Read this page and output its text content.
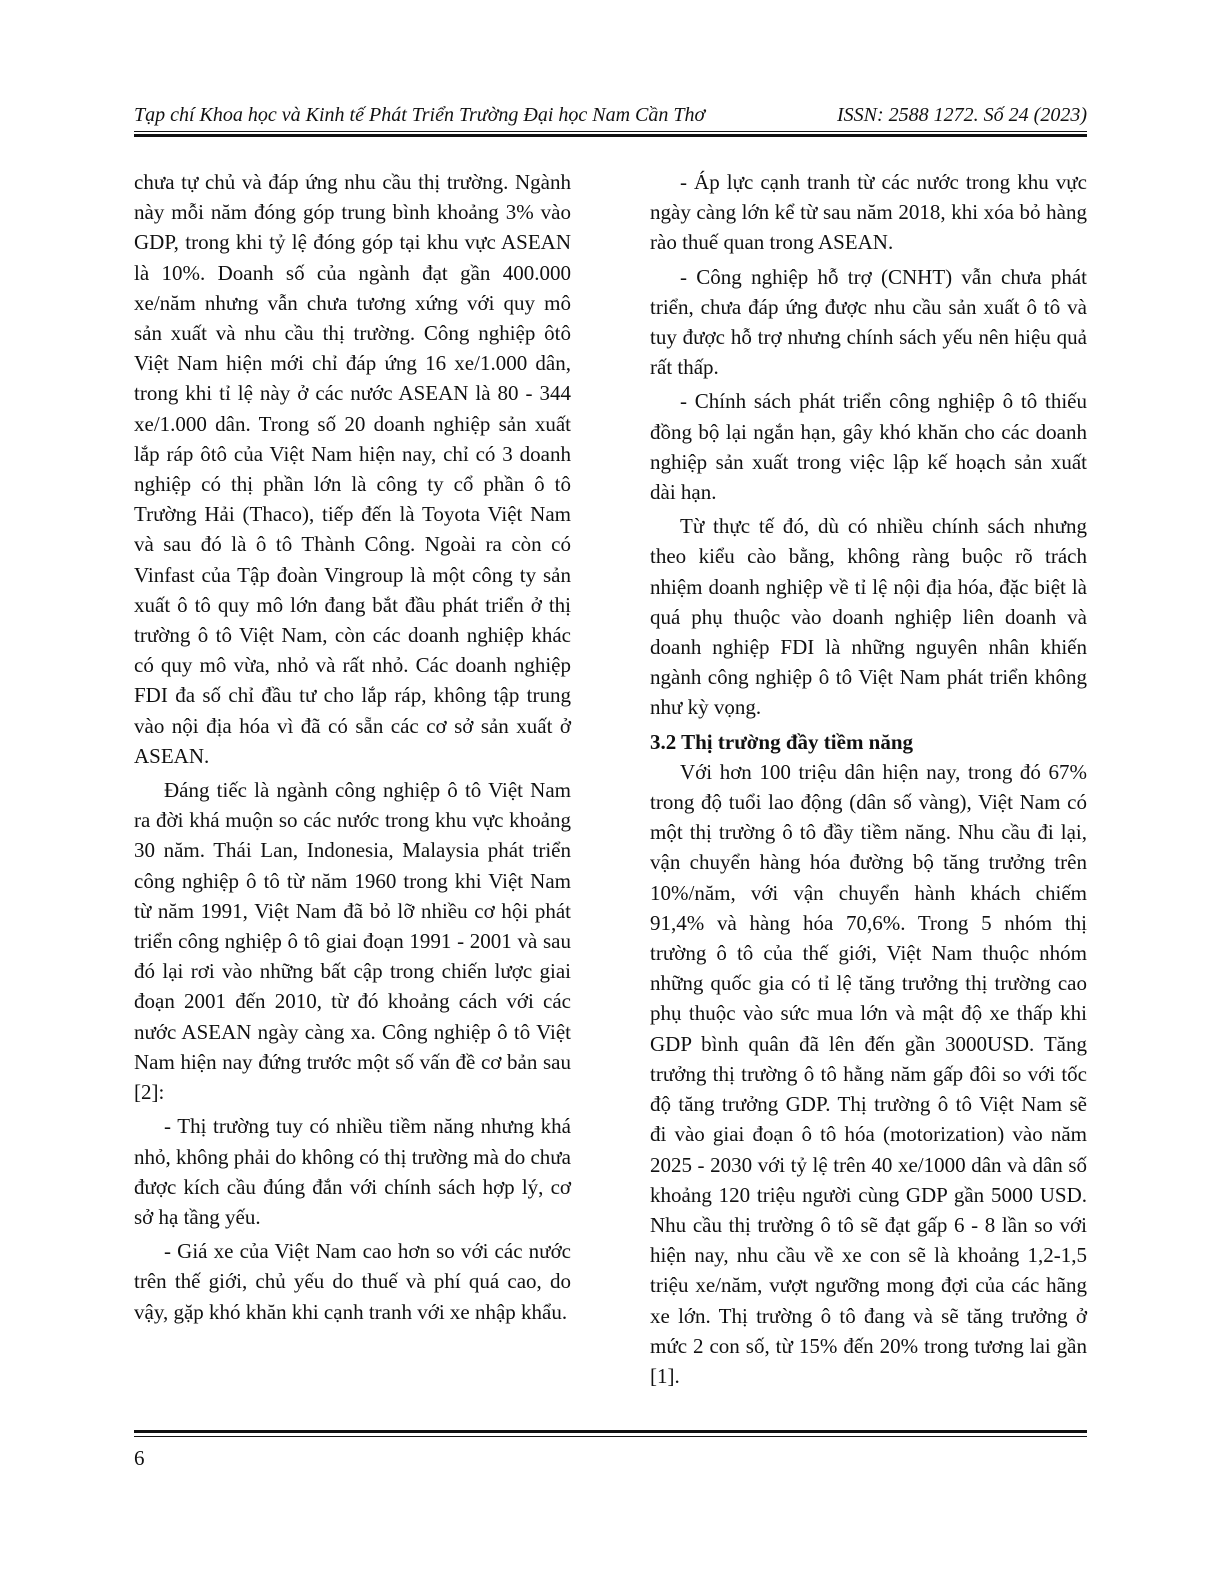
Tạp chí Khoa học và Kinh tế Phát Triển Trường Đại học Nam Cần Thơ	ISSN: 2588 1272. Số 24 (2023)

chưa tự chủ và đáp ứng nhu cầu thị trường. Ngành này mỗi năm đóng góp trung bình khoảng 3% vào GDP, trong khi tỷ lệ đóng góp tại khu vực ASEAN là 10%. Doanh số của ngành đạt gần 400.000 xe/năm nhưng vẫn chưa tương xứng với quy mô sản xuất và nhu cầu thị trường. Công nghiệp ôtô Việt Nam hiện mới chỉ đáp ứng 16 xe/1.000 dân, trong khi tỉ lệ này ở các nước ASEAN là 80 - 344 xe/1.000 dân. Trong số 20 doanh nghiệp sản xuất lắp ráp ôtô của Việt Nam hiện nay, chỉ có 3 doanh nghiệp có thị phần lớn là công ty cổ phần ô tô Trường Hải (Thaco), tiếp đến là Toyota Việt Nam và sau đó là ô tô Thành Công. Ngoài ra còn có Vinfast của Tập đoàn Vingroup là một công ty sản xuất ô tô quy mô lớn đang bắt đầu phát triển ở thị trường ô tô Việt Nam, còn các doanh nghiệp khác có quy mô vừa, nhỏ và rất nhỏ. Các doanh nghiệp FDI đa số chỉ đầu tư cho lắp ráp, không tập trung vào nội địa hóa vì đã có sẵn các cơ sở sản xuất ở ASEAN.

Đáng tiếc là ngành công nghiệp ô tô Việt Nam ra đời khá muộn so các nước trong khu vực khoảng 30 năm. Thái Lan, Indonesia, Malaysia phát triển công nghiệp ô tô từ năm 1960 trong khi Việt Nam từ năm 1991, Việt Nam đã bỏ lỡ nhiều cơ hội phát triển công nghiệp ô tô giai đoạn 1991 - 2001 và sau đó lại rơi vào những bất cập trong chiến lược giai đoạn 2001 đến 2010, từ đó khoảng cách với các nước ASEAN ngày càng xa. Công nghiệp ô tô Việt Nam hiện nay đứng trước một số vấn đề cơ bản sau [2]:

- Thị trường tuy có nhiều tiềm năng nhưng khá nhỏ, không phải do không có thị trường mà do chưa được kích cầu đúng đắn với chính sách hợp lý, cơ sở hạ tầng yếu.

- Giá xe của Việt Nam cao hơn so với các nước trên thế giới, chủ yếu do thuế và phí quá cao, do vậy, gặp khó khăn khi cạnh tranh với xe nhập khẩu.

- Áp lực cạnh tranh từ các nước trong khu vực ngày càng lớn kể từ sau năm 2018, khi xóa bỏ hàng rào thuế quan trong ASEAN.

- Công nghiệp hỗ trợ (CNHT) vẫn chưa phát triển, chưa đáp ứng được nhu cầu sản xuất ô tô và tuy được hỗ trợ nhưng chính sách yếu nên hiệu quả rất thấp.

- Chính sách phát triển công nghiệp ô tô thiếu đồng bộ lại ngắn hạn, gây khó khăn cho các doanh nghiệp sản xuất trong việc lập kế hoạch sản xuất dài hạn.

Từ thực tế đó, dù có nhiều chính sách nhưng theo kiểu cào bằng, không ràng buộc rõ trách nhiệm doanh nghiệp về tỉ lệ nội địa hóa, đặc biệt là quá phụ thuộc vào doanh nghiệp liên doanh và doanh nghiệp FDI là những nguyên nhân khiến ngành công nghiệp ô tô Việt Nam phát triển không như kỳ vọng.

3.2 Thị trường đầy tiềm năng

Với hơn 100 triệu dân hiện nay, trong đó 67% trong độ tuổi lao động (dân số vàng), Việt Nam có một thị trường ô tô đầy tiềm năng. Nhu cầu đi lại, vận chuyển hàng hóa đường bộ tăng trưởng trên 10%/năm, với vận chuyển hành khách chiếm 91,4% và hàng hóa 70,6%. Trong 5 nhóm thị trường ô tô của thế giới, Việt Nam thuộc nhóm những quốc gia có tỉ lệ tăng trưởng thị trường cao phụ thuộc vào sức mua lớn và mật độ xe thấp khi GDP bình quân đã lên đến gần 3000USD. Tăng trưởng thị trường ô tô hằng năm gấp đôi so với tốc độ tăng trưởng GDP. Thị trường ô tô Việt Nam sẽ đi vào giai đoạn ô tô hóa (motorization) vào năm 2025 - 2030 với tỷ lệ trên 40 xe/1000 dân và dân số khoảng 120 triệu người cùng GDP gần 5000 USD. Nhu cầu thị trường ô tô sẽ đạt gấp 6 - 8 lần so với hiện nay, nhu cầu về xe con sẽ là khoảng 1,2-1,5 triệu xe/năm, vượt ngưỡng mong đợi của các hãng xe lớn. Thị trường ô tô đang và sẽ tăng trưởng ở mức 2 con số, từ 15% đến 20% trong tương lai gần [1].

6
